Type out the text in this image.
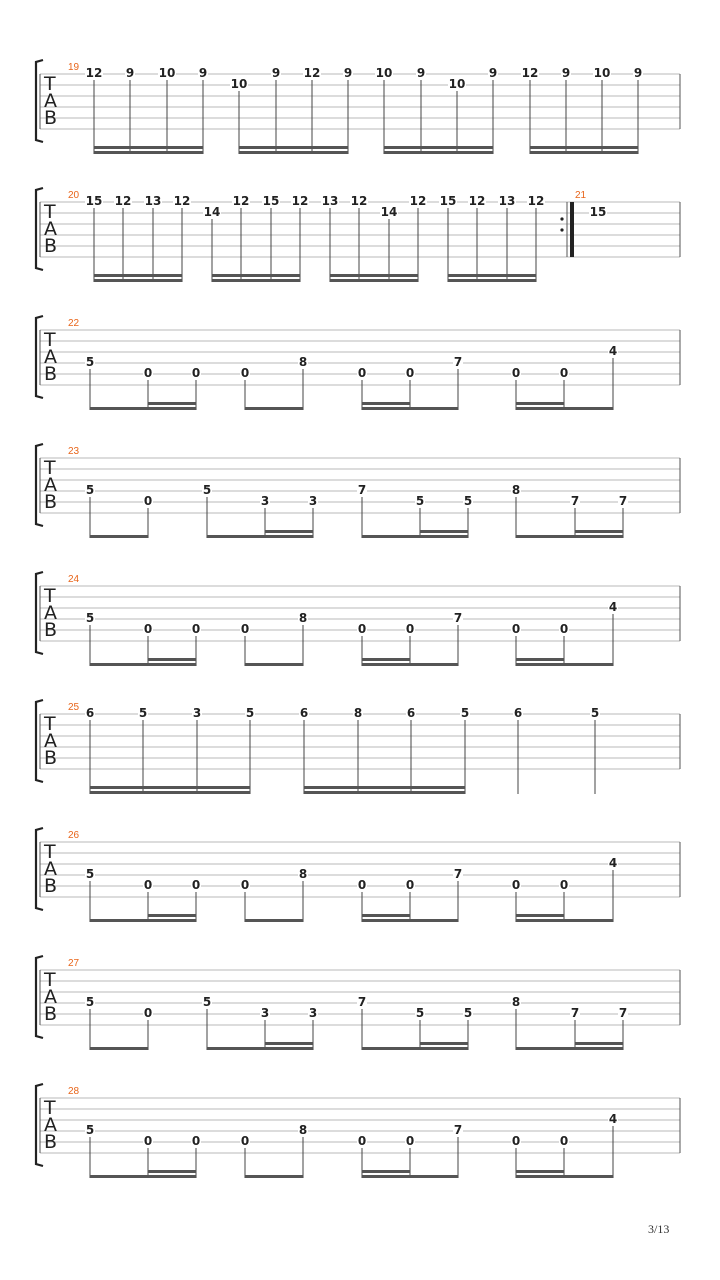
T
A
B
19 12 9 10 9
10
9 12 9 10 9
10
9 12 9 10 9
T
A
B
20 15 12 13 12
14
12 15 12 13 12
14
12 15 12 13 12	21
15
T
A
B
22
5
0	0	0
8
0	0
7
0	0
4
T
A
B
23
5
0
5
3	3
7
5	5
8
7	7
T
A
B
24
5
0	0	0
8
0	0
7
0	0
4
T
A
B
25 6	5	3	5	6	8	6	5	6	5
T
A
B
26
5
0	0	0
8
0	0
7
0	0
4
T
A
B
27
5
0
5
3	3
7
5	5
8
7	7
T
A
B
28
5
0	0	0
8
0	0
7
0	0
4
3/13
